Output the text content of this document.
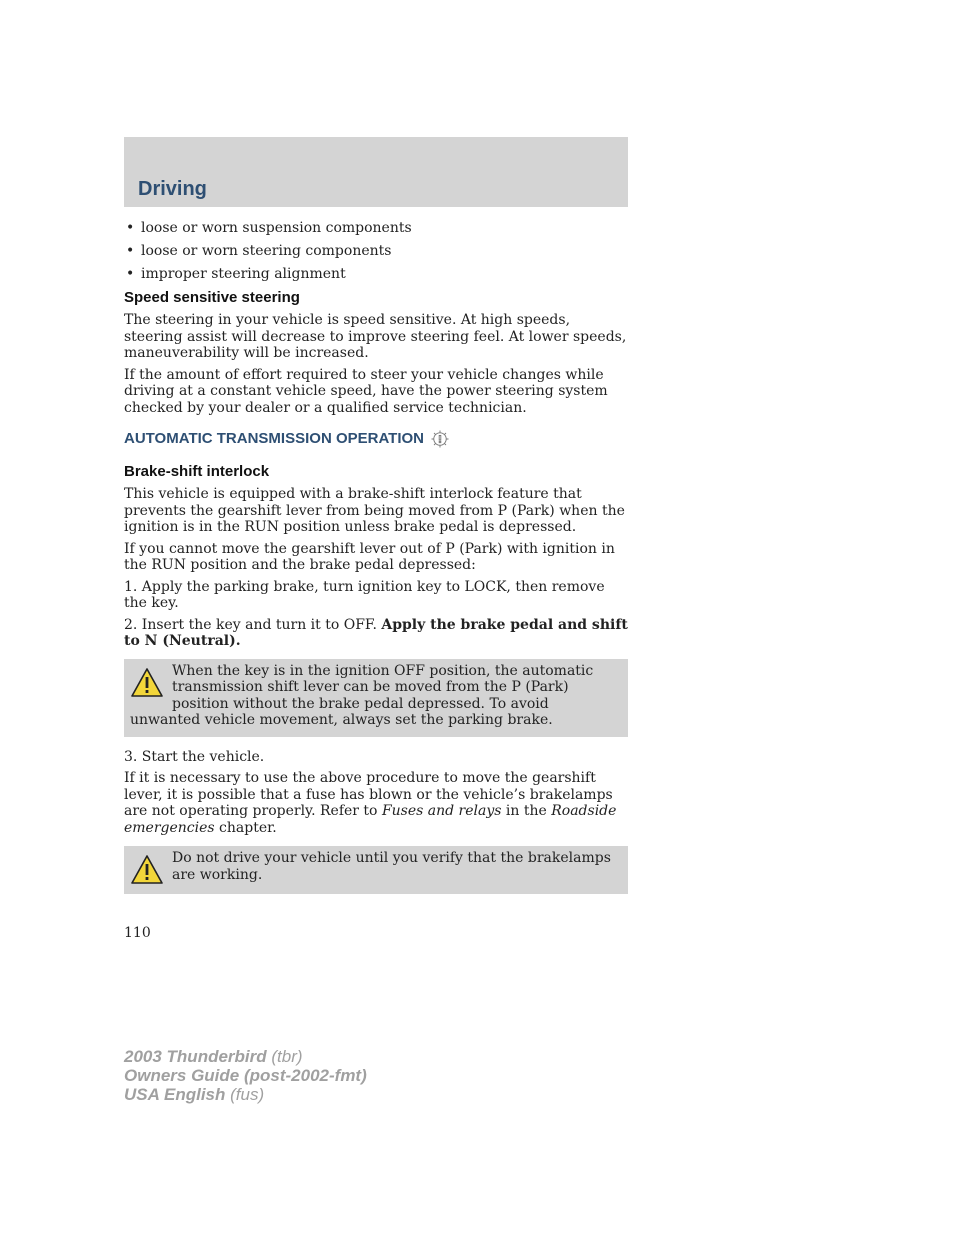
Driving
• loose or worn suspension components
• loose or worn steering components
• improper steering alignment
Speed sensitive steering

The steering in your vehicle is speed sensitive. At high speeds, steering assist will decrease to improve steering feel. At lower speeds, maneuverability will be increased.

If the amount of effort required to steer your vehicle changes while driving at a constant vehicle speed, have the power steering system checked by your dealer or a qualified service technician.

AUTOMATIC TRANSMISSION OPERATION
Brake-shift interlock

This vehicle is equipped with a brake-shift interlock feature that prevents the gearshift lever from being moved from P (Park) when the ignition is in the RUN position unless brake pedal is depressed.

If you cannot move the gearshift lever out of P (Park) with ignition in the RUN position and the brake pedal depressed:

1. Apply the parking brake, turn ignition key to LOCK, then remove the key.

2. Insert the key and turn it to OFF. Apply the brake pedal and shift to N (Neutral).

When the key is in the ignition OFF position, the automatic transmission shift lever can be moved from the P (Park) position without the brake pedal depressed. To avoid unwanted vehicle movement, always set the parking brake.

3. Start the vehicle.

If it is necessary to use the above procedure to move the gearshift lever, it is possible that a fuse has blown or the vehicle’s brakelamps are not operating properly. Refer to Fuses and relays in the Roadside emergencies chapter.

Do not drive your vehicle until you verify that the brakelamps are working.
110
2003 Thunderbird (tbr)
Owners Guide (post-2002-fmt)
USA English (fus)
